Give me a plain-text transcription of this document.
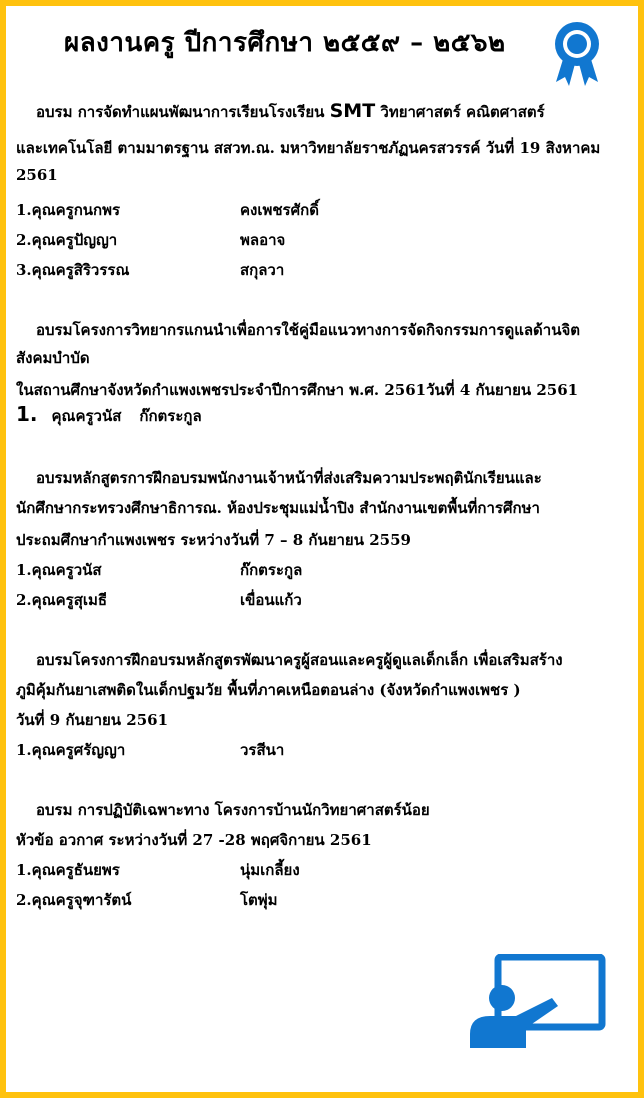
ผลงานครู ปีการศึกษา ๒๕๕๙ – ๒๕๖๒
อบรม การจัดทำแผนพัฒนาการเรียนโรงเรียน SMT วิทยาศาสตร์ คณิตศาสตร์
และเทคโนโลยี ตามมาตรฐาน สสวท.ณ. มหาวิทยาลัยราชภัฏนครสวรรค์ วันที่ 19 สิงหาคม
2561
1.คุณครูกนกพร	คงเพชรศักดิ์
2.คุณครูปัญญา	พลอาจ
3.คุณครูสิริวรรณ	สกุลวา
อบรมโครงการวิทยากรแกนนำเพื่อการใช้คู่มือแนวทางการจัดกิจกรรมการดูแลด้านจิต
สังคมบำบัด
ในสถานศึกษาจังหวัดกำแพงเพชรประจำปีการศึกษา พ.ศ. 2561วันที่ 4 กันยายน 2561
1. คุณครูวนัส ก๊กตระกูล
อบรมหลักสูตรการฝึกอบรมพนักงานเจ้าหน้าที่ส่งเสริมความประพฤตินักเรียนและ
นักศึกษากระทรวงศึกษาธิการณ. ห้องประชุมแม่น้ำปิง สำนักงานเขตพื้นที่การศึกษา
ประถมศึกษากำแพงเพชร ระหว่างวันที่ 7 – 8 กันยายน 2559
1.คุณครูวนัส	ก๊กตระกูล
2.คุณครูสุเมธี	เขื่อนแก้ว
อบรมโครงการฝึกอบรมหลักสูตรพัฒนาครูผู้สอนและครูผู้ดูแลเด็กเล็ก เพื่อเสริมสร้าง
ภูมิคุ้มกันยาเสพติดในเด็กปฐมวัย พื้นที่ภาคเหนือตอนล่าง (จังหวัดกำแพงเพชร )
วันที่ 9 กันยายน 2561
1.คุณครูศรัญญา	วรสีนา
อบรม การปฏิบัติเฉพาะทาง โครงการบ้านนักวิทยาศาสตร์น้อย
หัวข้อ อวกาศ ระหว่างวันที่ 27 -28 พฤศจิกายน 2561
1.คุณครูธันยพร	นุ่มเกลี้ยง
2.คุณครูจุฑารัตน์	โตพุ่ม
